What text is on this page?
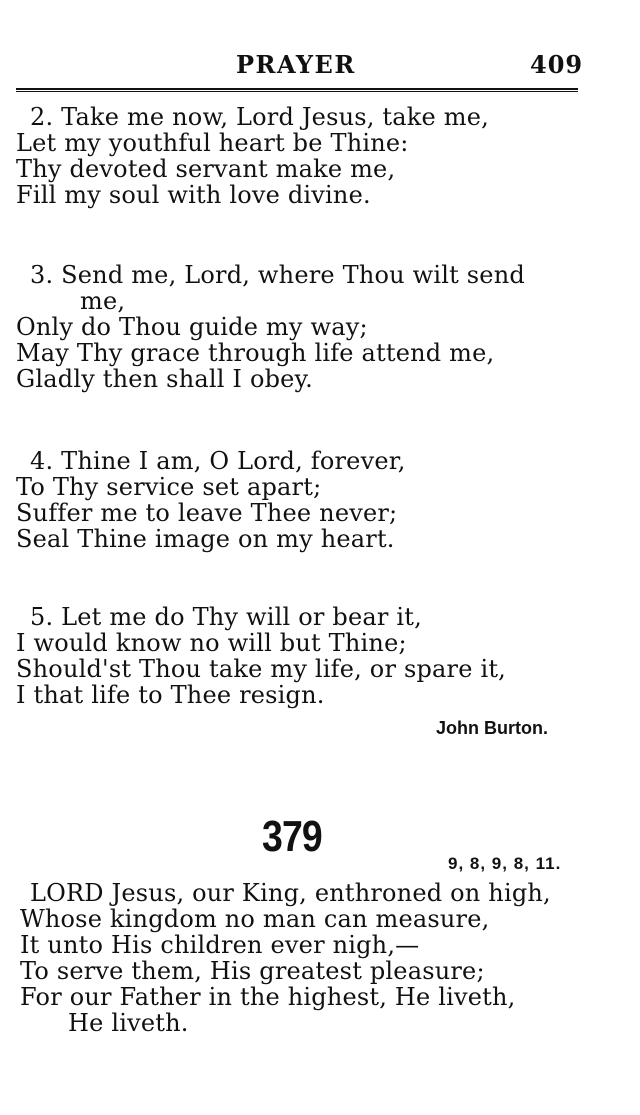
PRAYER	409
2. Take me now, Lord Jesus, take me,
Let my youthful heart be Thine:
Thy devoted servant make me,
Fill my soul with love divine.
3. Send me, Lord, where Thou wilt send
me,
Only do Thou guide my way;
May Thy grace through life attend me,
Gladly then shall I obey.
4. Thine I am, O Lord, forever,
To Thy service set apart;
Suffer me to leave Thee never;
Seal Thine image on my heart.
5. Let me do Thy will or bear it,
I would know no will but Thine;
Should'st Thou take my life, or spare it,
I that life to Thee resign.
John Burton.
379
9, 8, 9, 8, 11.
LORD Jesus, our King, enthroned on high,
Whose kingdom no man can measure,
It unto His children ever nigh,—
To serve them, His greatest pleasure;
For our Father in the highest, He liveth,
He liveth.
